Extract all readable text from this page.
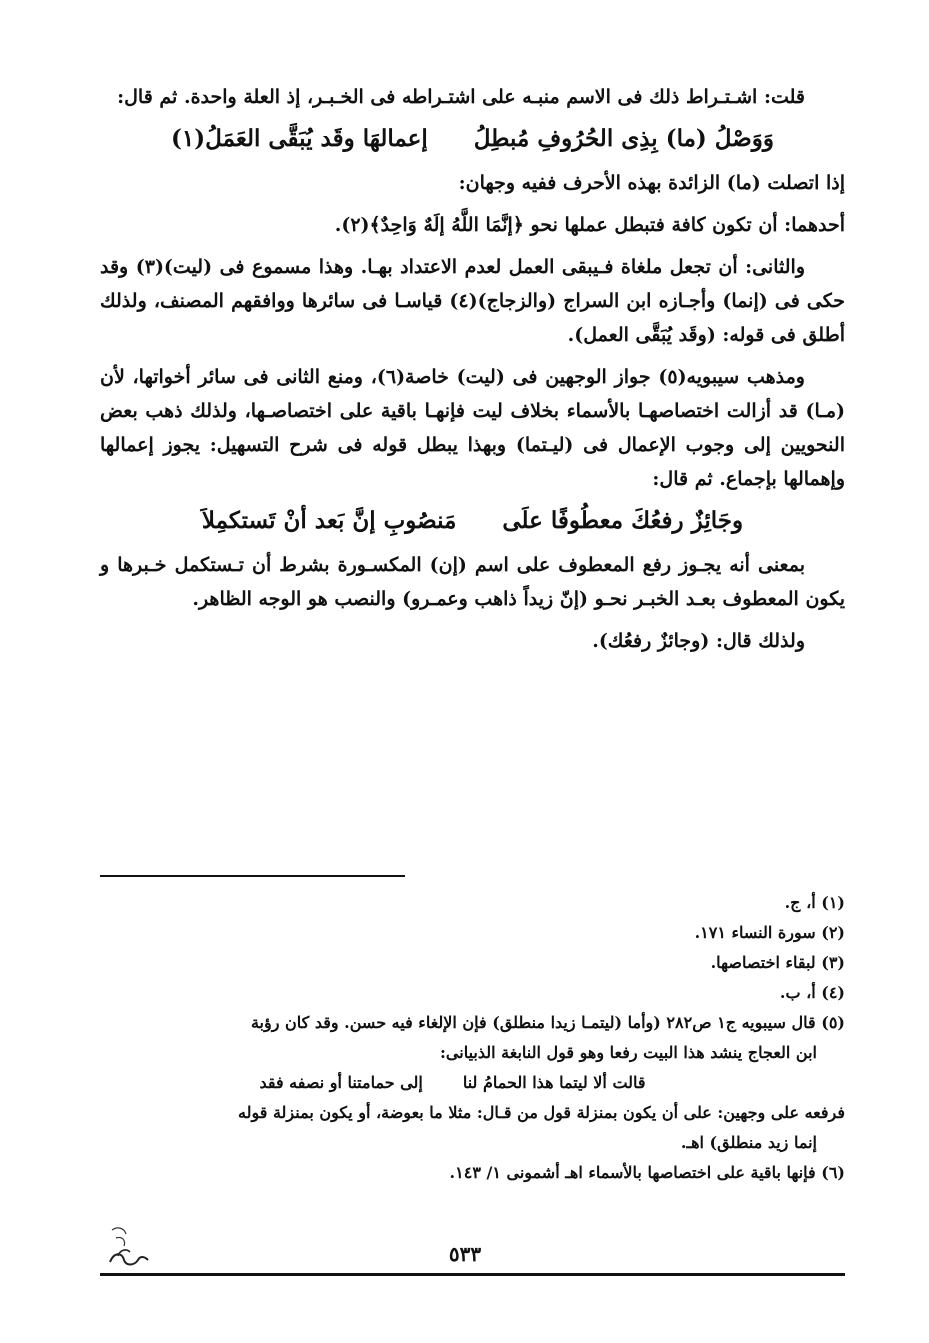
قلت: اشـتـراط ذلك فى الاسم منبـه على اشتـراطه فى الخـبـر، إذ العلة واحدة. ثم قال:

وَوَصْلُ (ما) بِذِى الحُرُوفِ مُبطِلُ
إعمالهَا وقَد يُبَقَّى العَمَلُ(١)

إذا اتصلت (ما) الزائدة بهذه الأحرف ففيه وجهان:

أحدهما: أن تكون كافة فتبطل عملها نحو ﴿إنَّمَا اللَّهُ إلَهٌ وَاحِدٌ﴾(٢).

والثانى: أن تجعل ملغاة فـيبقى العمل لعدم الاعتداد بهـا. وهذا مسموع فى (ليت)(٣) وقد حكى فى (إنما) وأجـازه ابن السراج (والزجاج)(٤) قياسـا فى سائرها ووافقهم المصنف، ولذلك أطلق فى قوله: (وقَد يُبَقَّى العمل).

ومذهب سيبويه(٥) جواز الوجهين فى (ليت) خاصة(٦)، ومنع الثانى فى سائر أخواتها، لأن (مـا) قد أزالت اختصاصهـا بالأسماء بخلاف ليت فإنهـا باقية على اختصاصـها، ولذلك ذهب بعض النحويين إلى وجوب الإعمال فى (ليـتما) وبهذا يبطل قوله فى شرح التسهيل: يجوز إعمالها وإهمالها بإجماع. ثم قال:

وجَائِزٌ رفعُكَ معطُوفًا علَى
مَنصُوبِ إنَّ بَعد أنْ تَستكمِلاَ

بمعنى أنه يجـوز رفع المعطوف على اسم (إن) المكسـورة بشرط أن تـستكمل خـبرها و يكون المعطوف بعـد الخبـر نحـو (إنّ زيداً ذاهب وعمـرو) والنصب هو الوجه الظاهر.

ولذلك قال: (وجائزٌ رفعُك).

(١) أ، ج.

(٢) سورة النساء ١٧١.

(٣) لبقاء اختصاصها.

(٤) أ، ب.

(٥) قال سيبويه ج١ ص٢٨٢ (وأما (ليتمـا زيدا منطلق) فإن الإلغاء فيه حسن. وقد كان رؤبة
ابن العجاج ينشد هذا البيت رفعا وهو قول النابغة الذبيانى:

قالت ألا ليتما هذا الحمامُ لنا
إلى حمامتنا أو نصفه فقد

فرفعه على وجهين: على أن يكون بمنزلة قول من قـال: مثلا ما بعوضة، أو يكون بمنزلة قوله
إنما زيد منطلق) اهـ.

(٦) فإنها باقية على اختصاصها بالأسماء اهـ أشمونى ١/ ١٤٣.

٥٣٣
